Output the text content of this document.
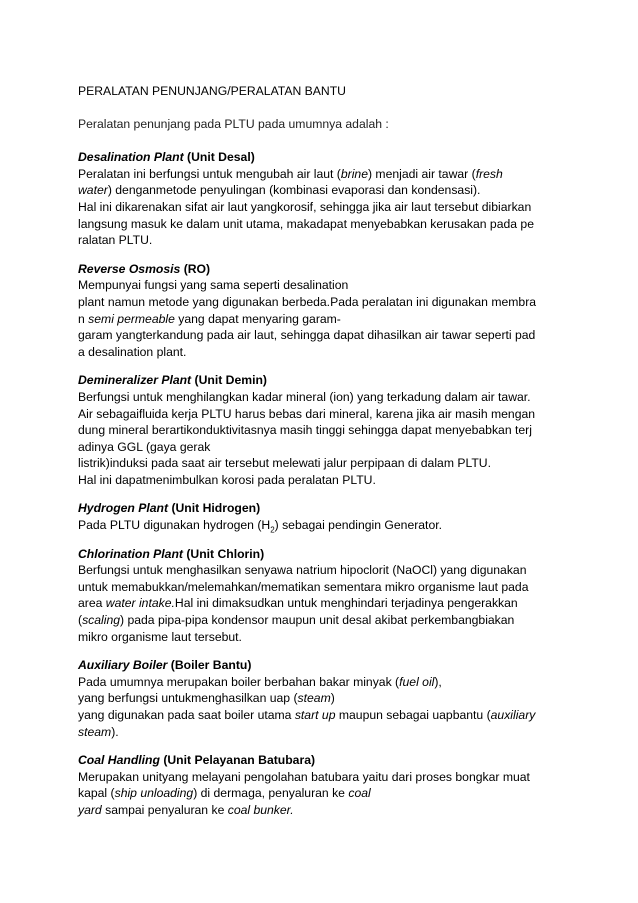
PERALATAN PENUNJANG/PERALATAN BANTU
Peralatan penunjang pada PLTU pada umumnya adalah :
Desalination Plant (Unit Desal)
Peralatan ini berfungsi untuk mengubah air laut (brine) menjadi air tawar (fresh
water) denganmetode penyulingan (kombinasi evaporasi dan kondensasi).
Hal ini dikarenakan sifat air laut yangkorosif, sehingga jika air laut tersebut dibiarkan
langsung masuk ke dalam unit utama, makadapat menyebabkan kerusakan pada pe
ralatan PLTU.
Reverse Osmosis (RO)
Mempunyai fungsi yang sama seperti desalination
plant namun metode yang digunakan berbeda.Pada peralatan ini digunakan membra
n semi permeable yang dapat menyaring garam-
garam yangterkandung pada air laut, sehingga dapat dihasilkan air tawar seperti pad
a desalination plant.
Demineralizer Plant (Unit Demin)
Berfungsi untuk menghilangkan kadar mineral (ion) yang terkadung dalam air tawar.
Air sebagaifluida kerja PLTU harus bebas dari mineral, karena jika air masih mengan
dung mineral berartikonduktivitasnya masih tinggi sehingga dapat menyebabkan terj
adinya GGL (gaya gerak
listrik)induksi pada saat air tersebut melewati jalur perpipaan di dalam PLTU.
Hal ini dapatmenimbulkan korosi pada peralatan PLTU.
Hydrogen Plant (Unit Hidrogen)
Pada PLTU digunakan hydrogen $(H_2)$ sebagai pendingin Generator.
Chlorination Plant (Unit Chlorin)
Berfungsi untuk menghasilkan senyawa natrium hipoclorit (NaOCl) yang digunakan
untuk memabukkan/melemahkan/mematikan sementara mikro organisme laut pada
area water intake.Hal ini dimaksudkan untuk menghindari terjadinya pengerakkan
(scaling) pada pipa-pipa kondensor maupun unit desal akibat perkembangbiakan
mikro organisme laut tersebut.
Auxiliary Boiler (Boiler Bantu)
Pada umumnya merupakan boiler berbahan bakar minyak (fuel oil),
yang berfungsi untukmenghasilkan uap (steam)
yang digunakan pada saat boiler utama start up maupun sebagai uapbantu (auxiliary
steam).
Coal Handling (Unit Pelayanan Batubara)
Merupakan unityang melayani pengolahan batubara yaitu dari proses bongkar muat
kapal (ship unloading) di dermaga, penyaluran ke coal
yard sampai penyaluran ke coal bunker.
